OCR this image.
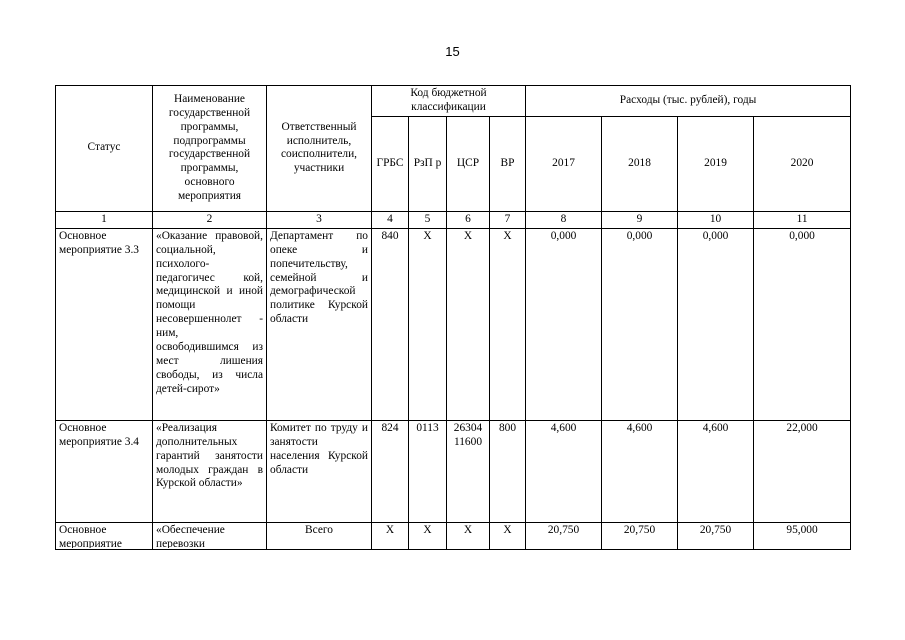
15
Статус	Наименование государственной программы, подпрограммы государственной программы, основного мероприятия	Ответственный исполнитель, соисполнители, участники	Код бюджетной классификации				Расходы (тыс. рублей), годы			
			ГРБС	РзП р	ЦСР	ВР	2017	2018	2019	2020
1	2	3	4	5	6	7	8	9	10	11
Основное мероприятие 3.3	«Оказание правовой, социальной, психолого-педагогичес кой, медицинской и иной помощи несовершеннолет - ним, освободившимся из мест лишения свободы, из числа детей-сирот»	Департамент по опеке и попечительству, семейной и демографической политике Курской области	840	Х	Х	Х	0,000	0,000	0,000	0,000
Основное мероприятие 3.4	«Реализация дополнительных гарантий занятости молодых граждан в Курской области»	Комитет по труду и занятости населения Курской области	824	0113	26304 11600	800	4,600	4,600	4,600	22,000

Основное мероприятие	«Обеспечение перевозки	Всего	Х	Х	Х	Х	20,750	20,750	20,750	95,000
